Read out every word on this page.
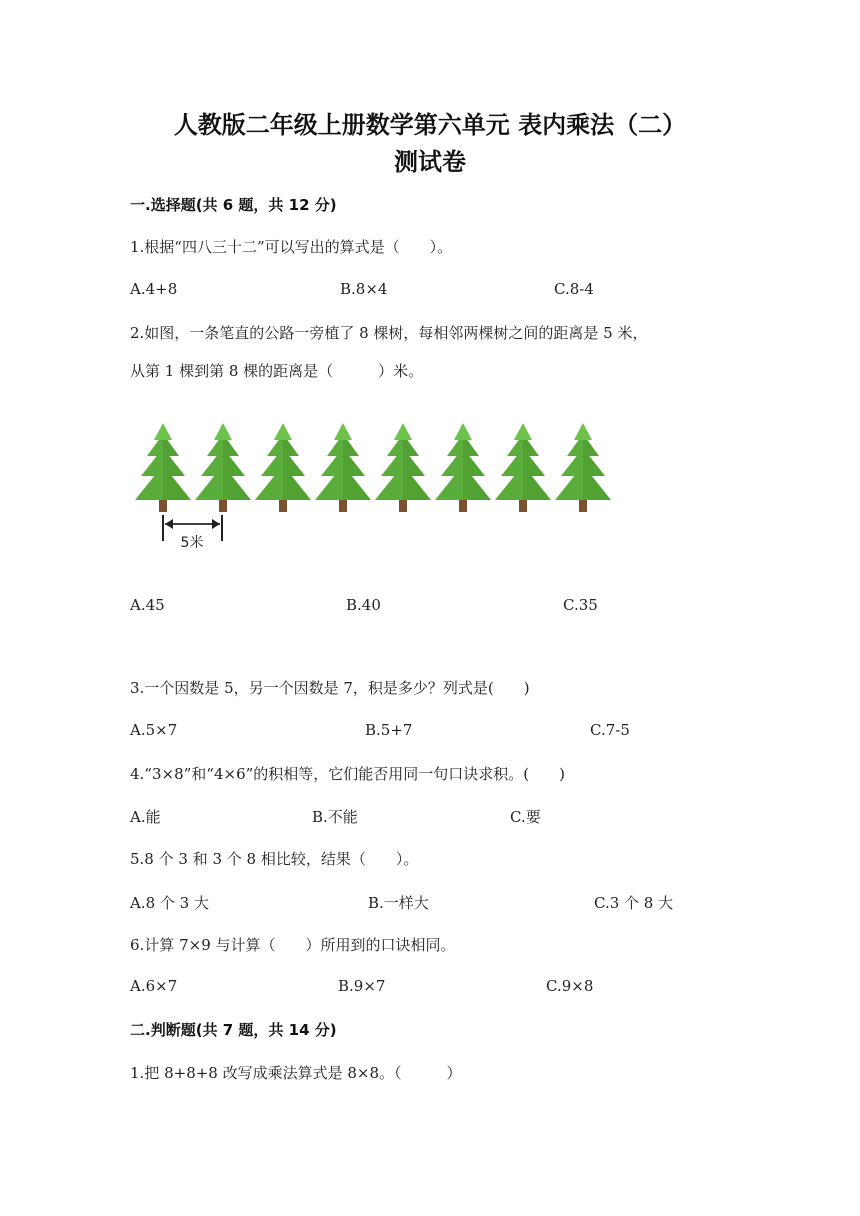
人教版二年级上册数学第六单元 表内乘法（二）
测试卷
一.选择题(共 6 题，共 12 分)
1.根据“四八三十二”可以写出的算式是（　　）。
A.4+8	B.8×4	C.8-4
2.如图，一条笔直的公路一旁植了 8 棵树，每相邻两棵树之间的距离是 5 米，
从第 1 棵到第 8 棵的距离是（　　　）米。
5米
A.45	B.40	C.35
3.一个因数是 5，另一个因数是 7，积是多少？列式是(　　)
A.5×7	B.5+7	C.7-5
4.“3×8”和“4×6”的积相等，它们能否用同一句口诀求积。(　　)
A.能	B.不能	C.要
5.8 个 3 和 3 个 8 相比较，结果（　　）。
A.8 个 3 大	B.一样大	C.3 个 8 大
6.计算 7×9 与计算（　　）所用到的口诀相同。
A.6×7	B.9×7	C.9×8
二.判断题(共 7 题，共 14 分)
1.把 8+8+8 改写成乘法算式是 8×8。（　　　）
